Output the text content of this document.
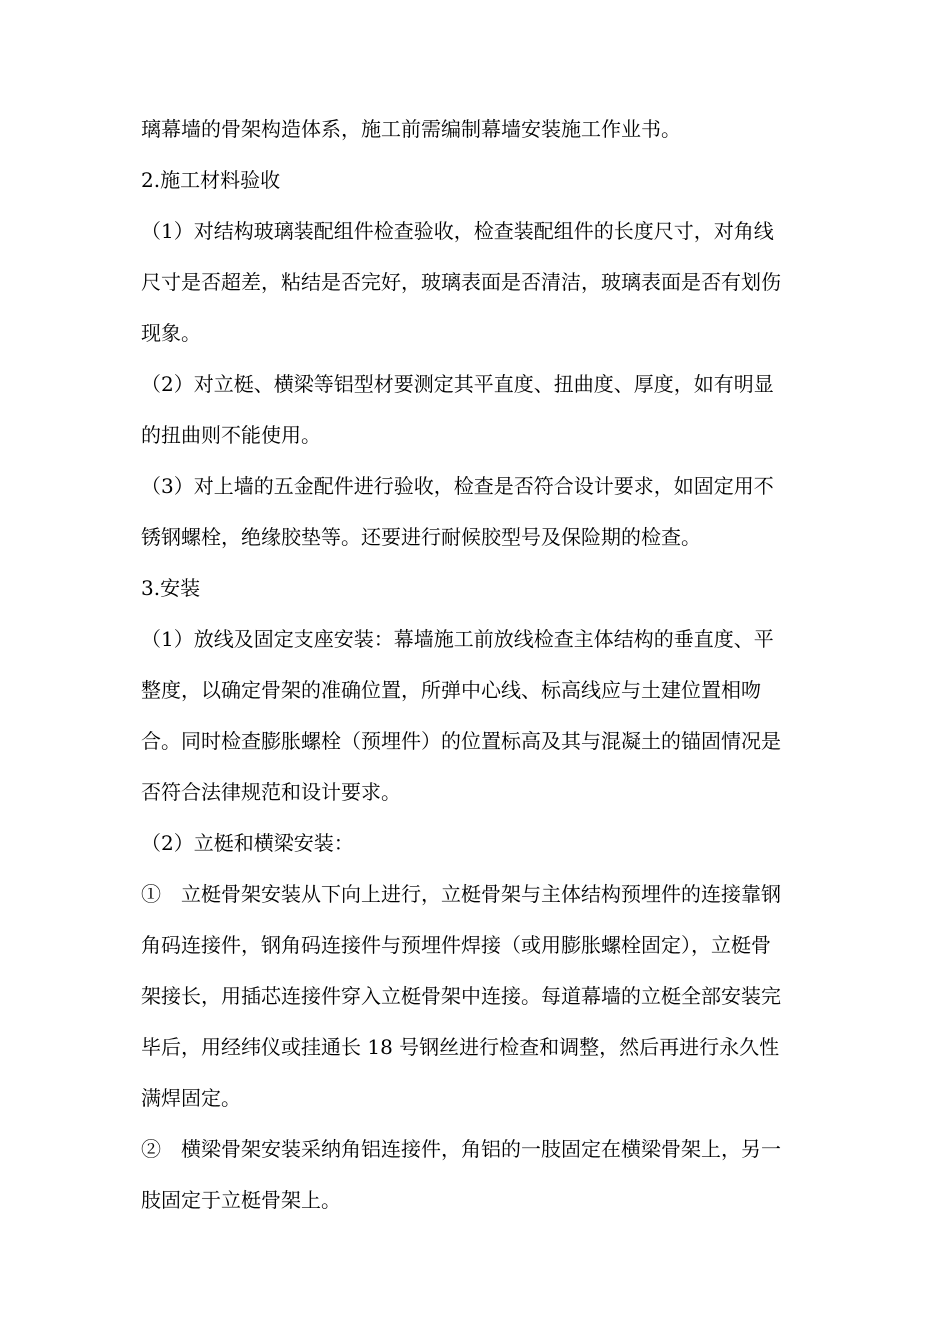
璃幕墙的骨架构造体系，施工前需编制幕墙安装施工作业书。
2.施工材料验收
（1）对结构玻璃装配组件检查验收，检查装配组件的长度尺寸，对角线
尺寸是否超差，粘结是否完好，玻璃表面是否清洁，玻璃表面是否有划伤
现象。
（2）对立梃、横梁等铝型材要测定其平直度、扭曲度、厚度，如有明显
的扭曲则不能使用。
（3）对上墙的五金配件进行验收，检查是否符合设计要求，如固定用不
锈钢螺栓，绝缘胶垫等。还要进行耐候胶型号及保险期的检查。
3.安装
（1）放线及固定支座安装：幕墙施工前放线检查主体结构的垂直度、平
整度，以确定骨架的准确位置，所弹中心线、标高线应与土建位置相吻
合。同时检查膨胀螺栓（预埋件）的位置标高及其与混凝土的锚固情况是
否符合法律规范和设计要求。
（2）立梃和横梁安装：
①　立梃骨架安装从下向上进行，立梃骨架与主体结构预埋件的连接靠钢
角码连接件，钢角码连接件与预埋件焊接（或用膨胀螺栓固定），立梃骨
架接长，用插芯连接件穿入立梃骨架中连接。每道幕墙的立梃全部安装完
毕后，用经纬仪或挂通长 18 号钢丝进行检查和调整，然后再进行永久性
满焊固定。
②　横梁骨架安装采纳角铝连接件，角铝的一肢固定在横梁骨架上，另一
肢固定于立梃骨架上。
